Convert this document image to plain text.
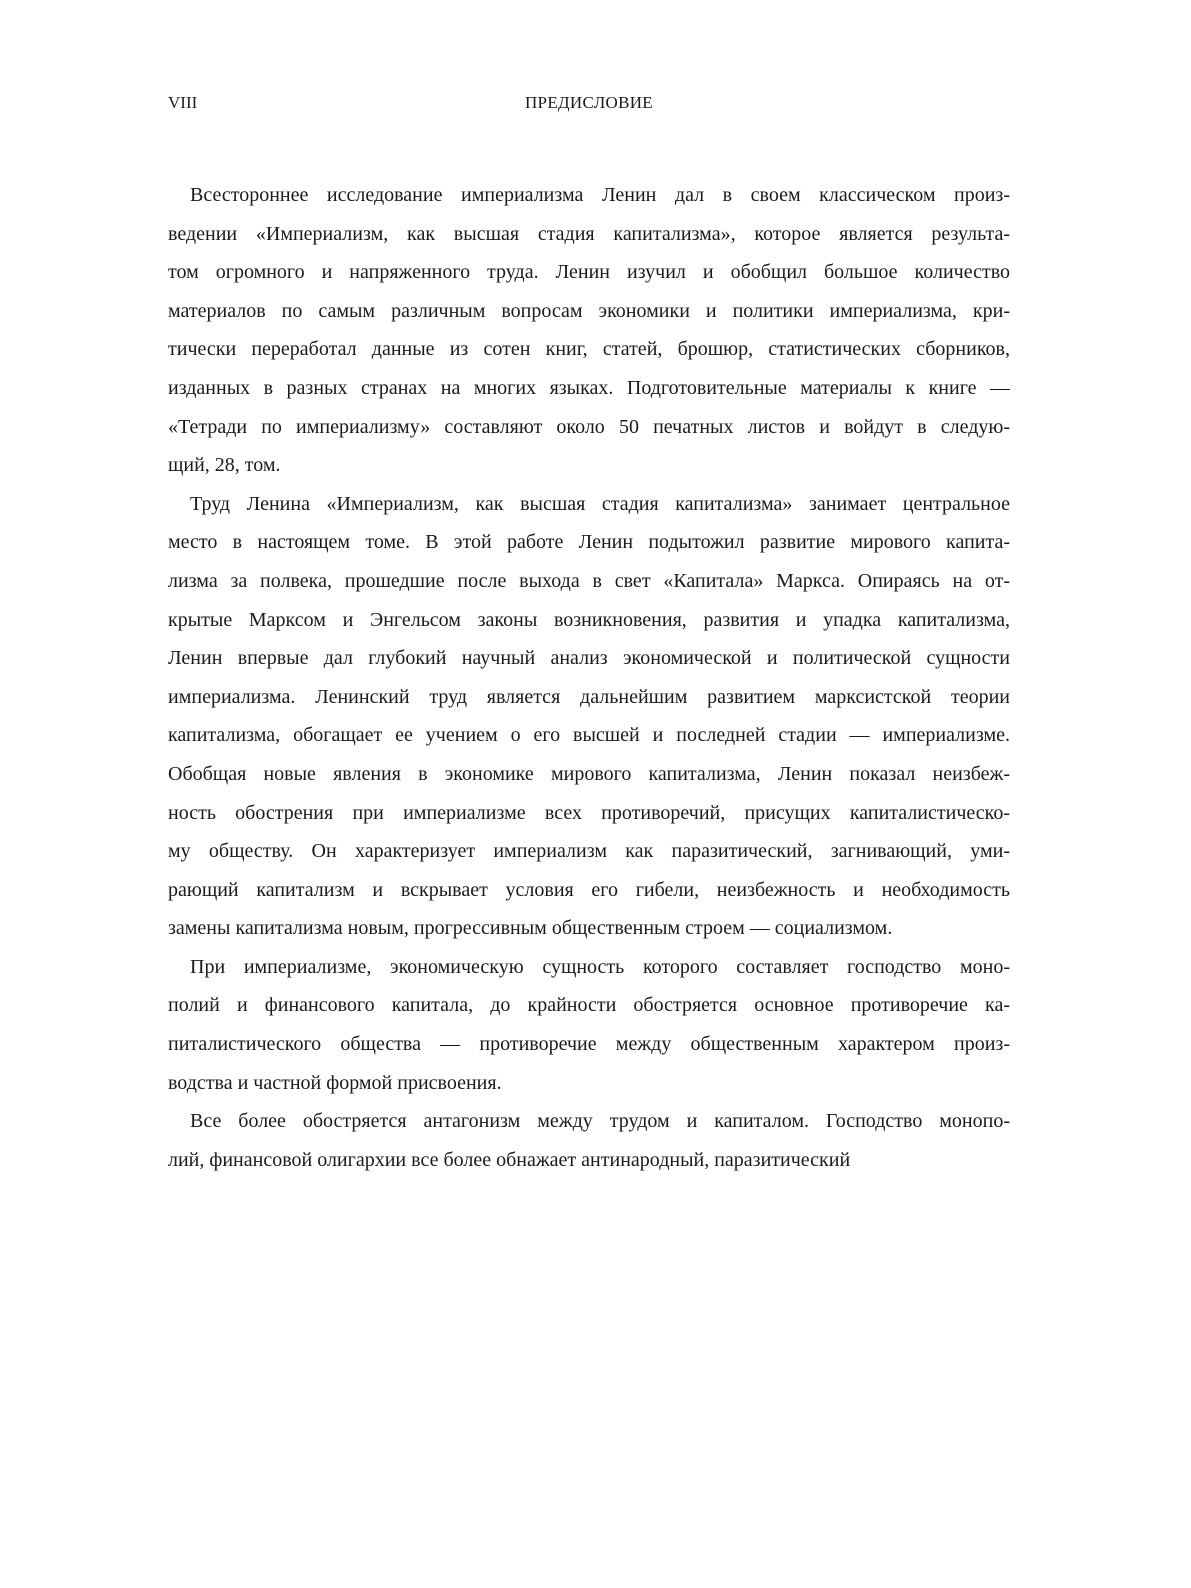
VIII	ПРЕДИСЛОВИЕ
Всестороннее исследование империализма Ленин дал в своем классическом произ-
ведении «Империализм, как высшая стадия капитализма», которое является результа-
том огромного и напряженного труда. Ленин изучил и обобщил большое количество
материалов по самым различным вопросам экономики и политики империализма, кри-
тически переработал данные из сотен книг, статей, брошюр, статистических сборников,
изданных в разных странах на многих языках. Подготовительные материалы к книге —
«Тетради по империализму» составляют около 50 печатных листов и войдут в следую-
щий, 28, том.
Труд Ленина «Империализм, как высшая стадия капитализма» занимает центральное
место в настоящем томе. В этой работе Ленин подытожил развитие мирового капита-
лизма за полвека, прошедшие после выхода в свет «Капитала» Маркса. Опираясь на от-
крытые Марксом и Энгельсом законы возникновения, развития и упадка капитализма,
Ленин впервые дал глубокий научный анализ экономической и политической сущности
империализма. Ленинский труд является дальнейшим развитием марксистской теории
капитализма, обогащает ее учением о его высшей и последней стадии — империализме.
Обобщая новые явления в экономике мирового капитализма, Ленин показал неизбеж-
ность обострения при империализме всех противоречий, присущих капиталистическо-
му обществу. Он характеризует империализм как паразитический, загнивающий, уми-
рающий капитализм и вскрывает условия его гибели, неизбежность и необходимость
замены капитализма новым, прогрессивным общественным строем — социализмом.
При империализме, экономическую сущность которого составляет господство моно-
полий и финансового капитала, до крайности обостряется основное противоречие ка-
питалистического общества — противоречие между общественным характером произ-
водства и частной формой присвоения.
Все более обостряется антагонизм между трудом и капиталом. Господство монопо-
лий, финансовой олигархии все более обнажает антинародный, паразитический
